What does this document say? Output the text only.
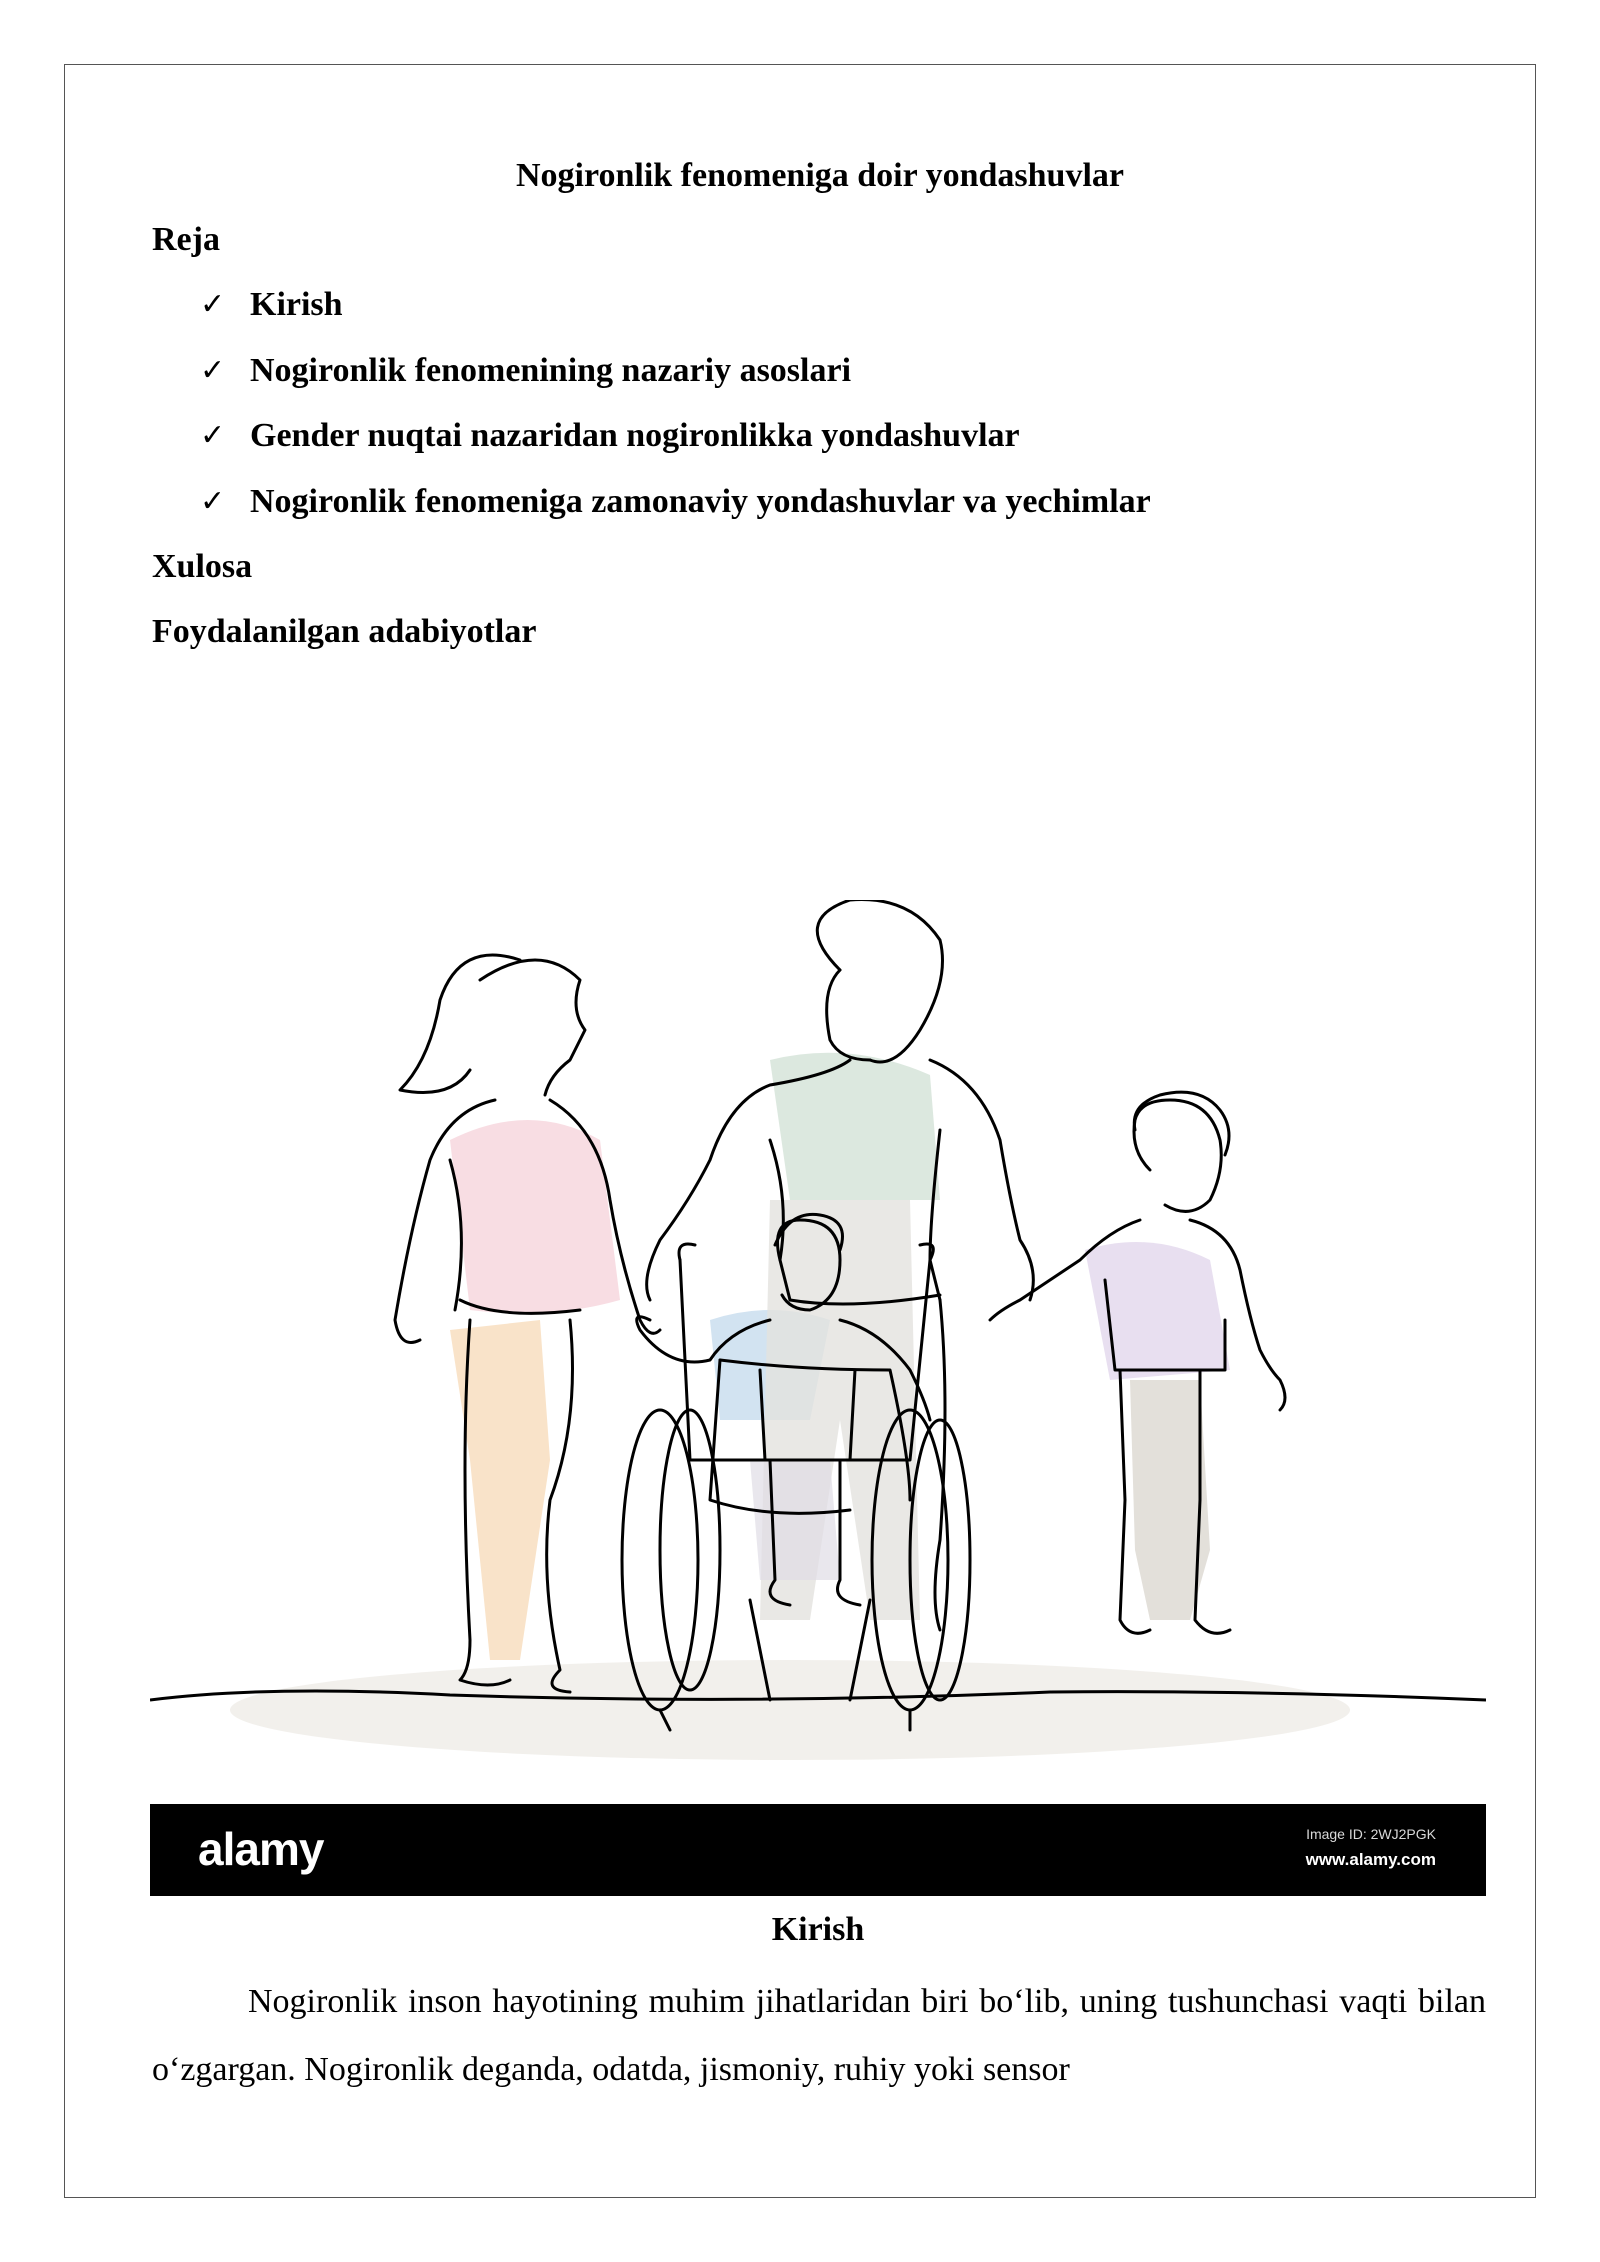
Nogironlik fenomeniga doir yondashuvlar
Reja
✓ Kirish
✓ Nogironlik fenomenining nazariy asoslari
✓ Gender nuqtai nazaridan nogironlikka yondashuvlar
✓ Nogironlik fenomeniga zamonaviy yondashuvlar va yechimlar
Xulosa
Foydalanilgan adabiyotlar
alamy	Image ID: 2WJ2PGK
www.alamy.com
Kirish
Nogironlik inson hayotining muhim jihatlaridan biri bo‘lib, uning tushunchasi vaqti bilan o‘zgargan. Nogironlik deganda, odatda, jismoniy, ruhiy yoki sensor
